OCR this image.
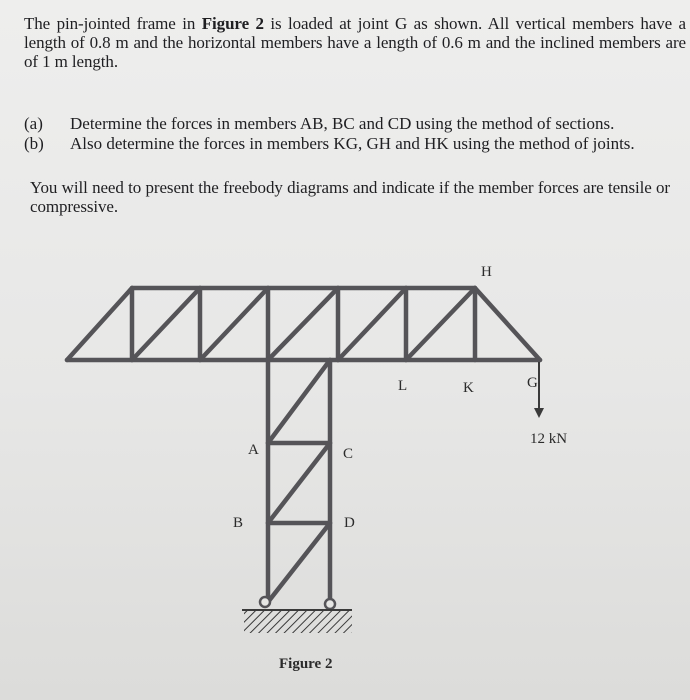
The pin-jointed frame in Figure 2 is loaded at joint G as shown. All vertical members have a length of 0.8 m and the horizontal members have a length of 0.6 m and the inclined members are of 1 m length.

(a) Determine the forces in members AB, BC and CD using the method of sections.
(b) Also determine the forces in members KG, GH and HK using the method of joints.

You will need to present the freebody diagrams and indicate if the member forces are tensile or compressive.

H
L	K	G
A	C
B	D
12 kN
Figure 2
